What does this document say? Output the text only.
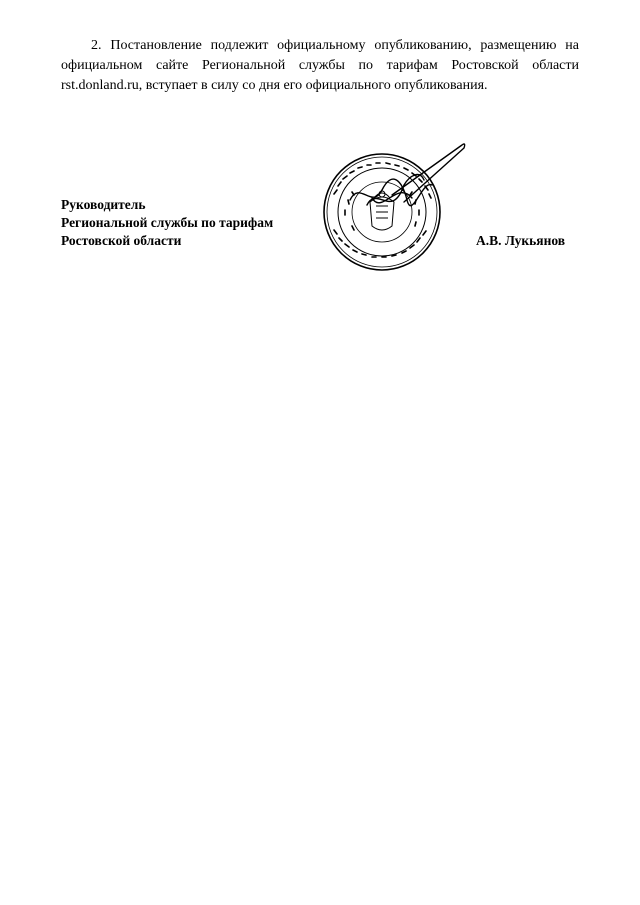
2. Постановление подлежит официальному опубликованию, размещению на официальном сайте Региональной службы по тарифам Ростовской области rst.donland.ru, вступает в силу со дня его официального опубликования.

Руководитель
Региональной службы по тарифам
Ростовской области	А.В. Лукьянов
